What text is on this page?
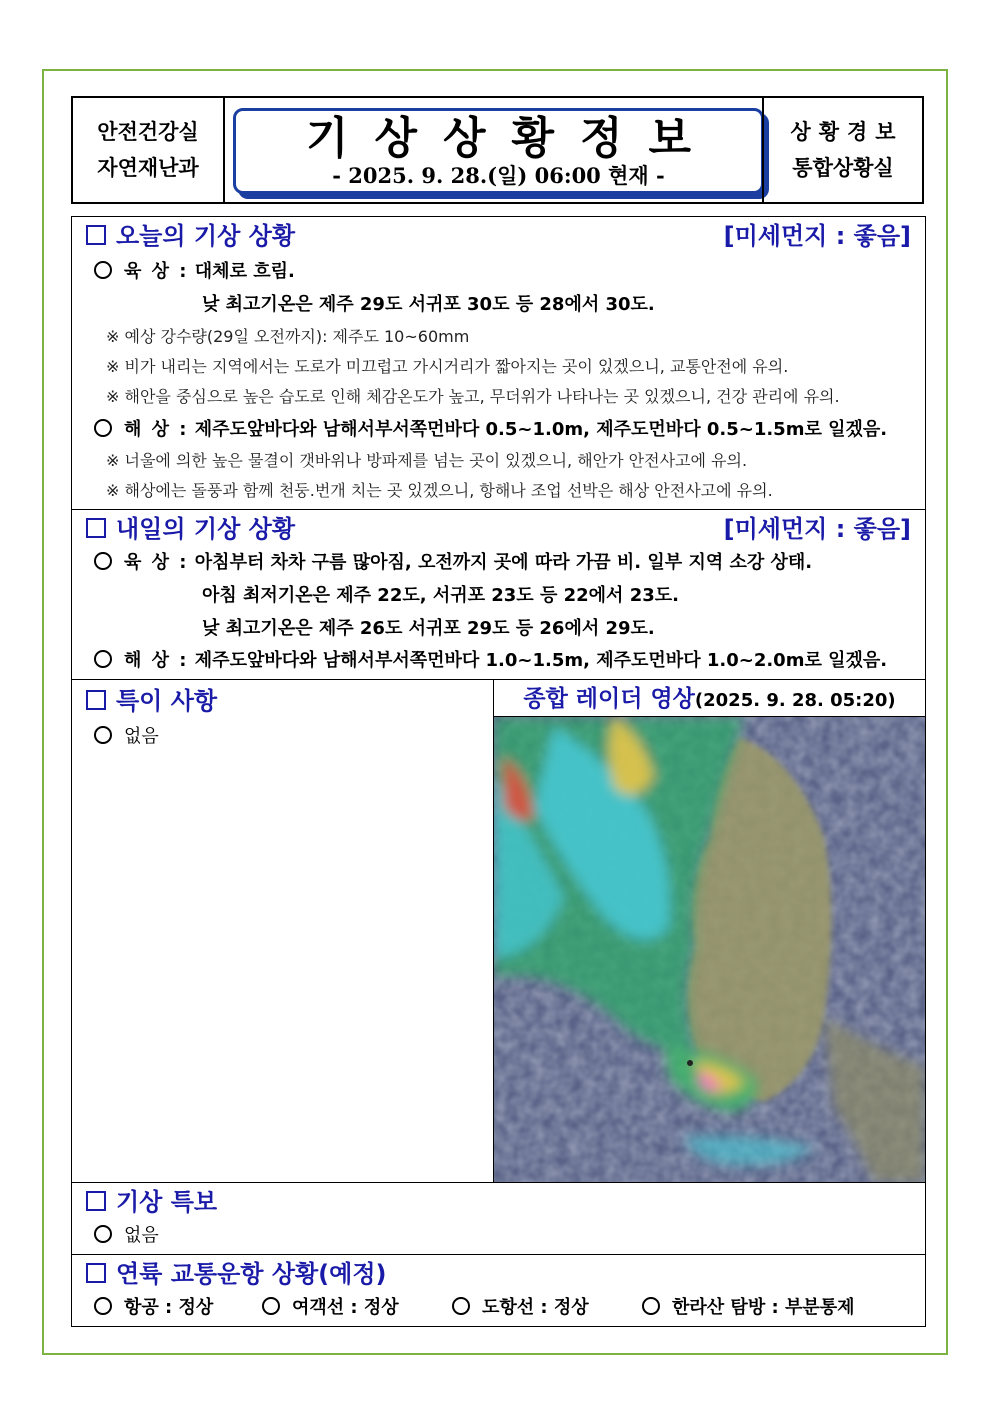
안전건강실
자연재난과
기상상황정보
- 2025. 9. 28.(일) 06:00 현재 -
상황경보
통합상황실
오늘의 기상 상황	[미세먼지 : 좋음]
육 상 : 대체로 흐림.
낮 최고기온은 제주 29도 서귀포 30도 등 28에서 30도.
※ 예상 강수량(29일 오전까지): 제주도 10~60mm
※ 비가 내리는 지역에서는 도로가 미끄럽고 가시거리가 짧아지는 곳이 있겠으니, 교통안전에 유의.
※ 해안을 중심으로 높은 습도로 인해 체감온도가 높고, 무더위가 나타나는 곳 있겠으니, 건강 관리에 유의.
해 상 : 제주도앞바다와 남해서부서쪽먼바다 0.5~1.0m, 제주도먼바다 0.5~1.5m로 일겠음.
※ 너울에 의한 높은 물결이 갯바위나 방파제를 넘는 곳이 있겠으니, 해안가 안전사고에 유의.
※ 해상에는 돌풍과 함께 천둥.번개 치는 곳 있겠으니, 항해나 조업 선박은 해상 안전사고에 유의.
내일의 기상 상황	[미세먼지 : 좋음]
육 상 : 아침부터 차차 구름 많아짐, 오전까지 곳에 따라 가끔 비. 일부 지역 소강 상태.
아침 최저기온은 제주 22도, 서귀포 23도 등 22에서 23도.
낮 최고기온은 제주 26도 서귀포 29도 등 26에서 29도.
해 상 : 제주도앞바다와 남해서부서쪽먼바다 1.0~1.5m, 제주도먼바다 1.0~2.0m로 일겠음.
특이 사항
없음
종합 레이더 영상(2025. 9. 28. 05:20)
기상 특보
없음
연륙 교통운항 상황(예정)
항공 : 정상	여객선 : 정상	도항선 : 정상	한라산 탐방 : 부분통제
